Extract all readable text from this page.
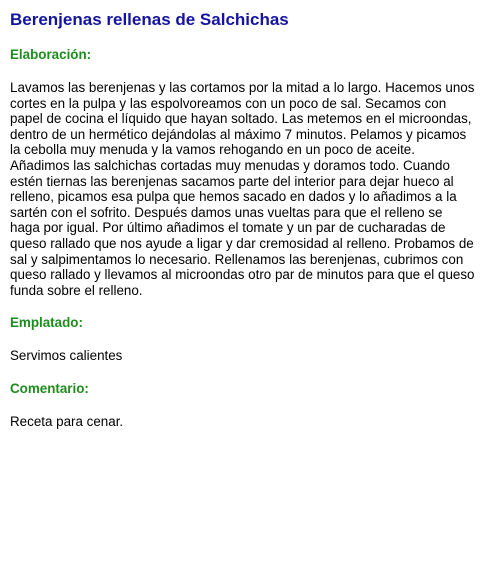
Berenjenas rellenas de Salchichas
Elaboración:

Lavamos las berenjenas y las cortamos por la mitad a lo largo. Hacemos unos cortes en la pulpa y las espolvoreamos con un poco de sal. Secamos con papel de cocina el líquido que hayan soltado. Las metemos en el microondas, dentro de un hermético dejándolas al máximo 7 minutos. Pelamos y picamos la cebolla muy menuda y la vamos rehogando en un poco de aceite. Añadimos las salchichas cortadas muy menudas y doramos todo. Cuando estén tiernas las berenjenas sacamos parte del interior para dejar hueco al relleno, picamos esa pulpa que hemos sacado en dados y lo añadimos a la sartén con el sofrito. Después damos unas vueltas para que el relleno se haga por igual. Por último añadimos el tomate y un par de cucharadas de queso rallado que nos ayude a ligar y dar cremosidad al relleno. Probamos de sal y salpimentamos lo necesario. Rellenamos las berenjenas, cubrimos con queso rallado y llevamos al microondas otro par de minutos para que el queso funda sobre el relleno.

Emplatado:

Servimos calientes

Comentario:

Receta para cenar.
